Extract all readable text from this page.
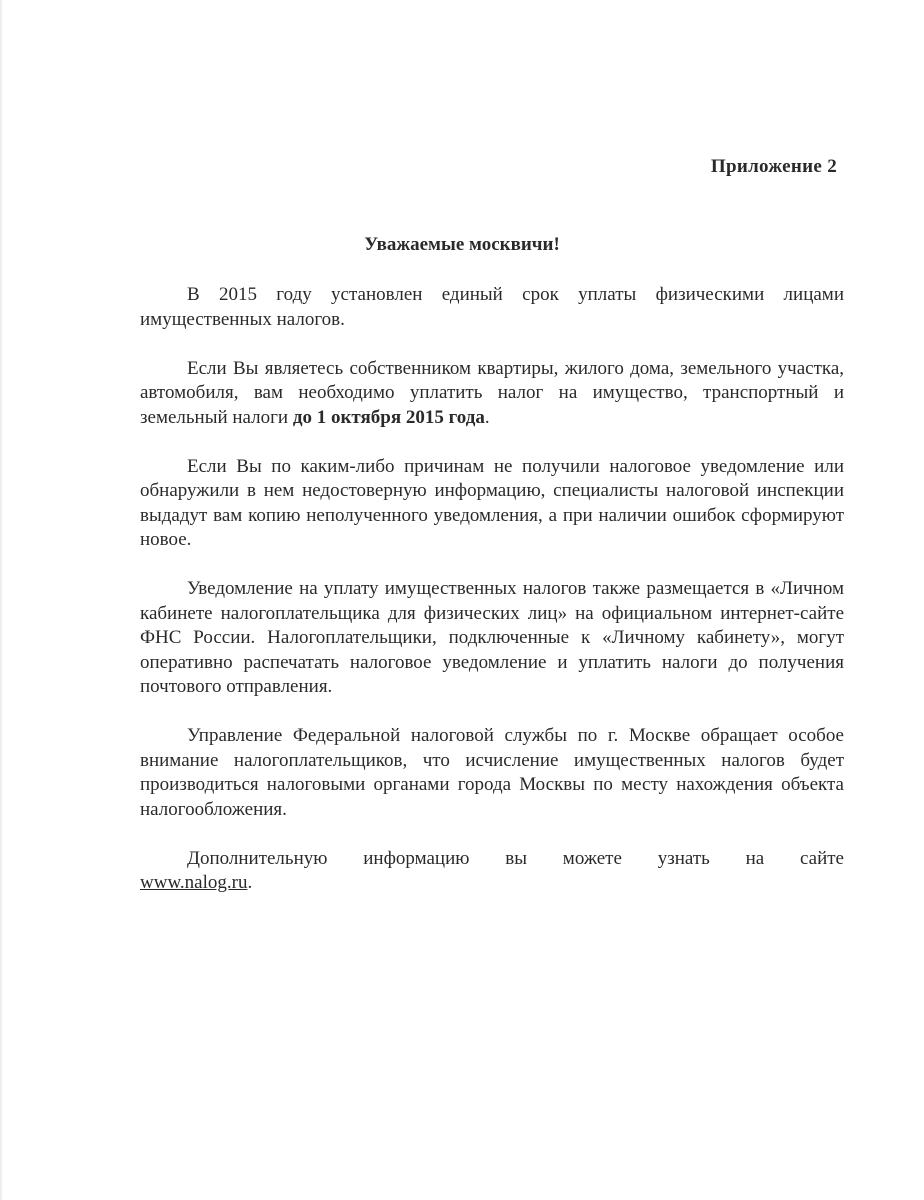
Приложение 2
Уважаемые москвичи!

В 2015 году установлен единый срок уплаты физическими лицами имущественных налогов.

Если Вы являетесь собственником квартиры, жилого дома, земельного участка, автомобиля, вам необходимо уплатить налог на имущество, транспортный и земельный налоги до 1 октября 2015 года.

Если Вы по каким-либо причинам не получили налоговое уведомление или обнаружили в нем недостоверную информацию, специалисты налоговой инспекции выдадут вам копию неполученного уведомления, а при наличии ошибок сформируют новое.

Уведомление на уплату имущественных налогов также размещается в «Личном кабинете налогоплательщика для физических лиц» на официальном интернет-сайте ФНС России. Налогоплательщики, подключенные к «Личному кабинету», могут оперативно распечатать налоговое уведомление и уплатить налоги до получения почтового отправления.

Управление Федеральной налоговой службы по г. Москве обращает особое внимание налогоплательщиков, что исчисление имущественных налогов будет производиться налоговыми органами города Москвы по месту нахождения объекта налогообложения.

Дополнительную информацию вы можете узнать на сайте

www.nalog.ru.
